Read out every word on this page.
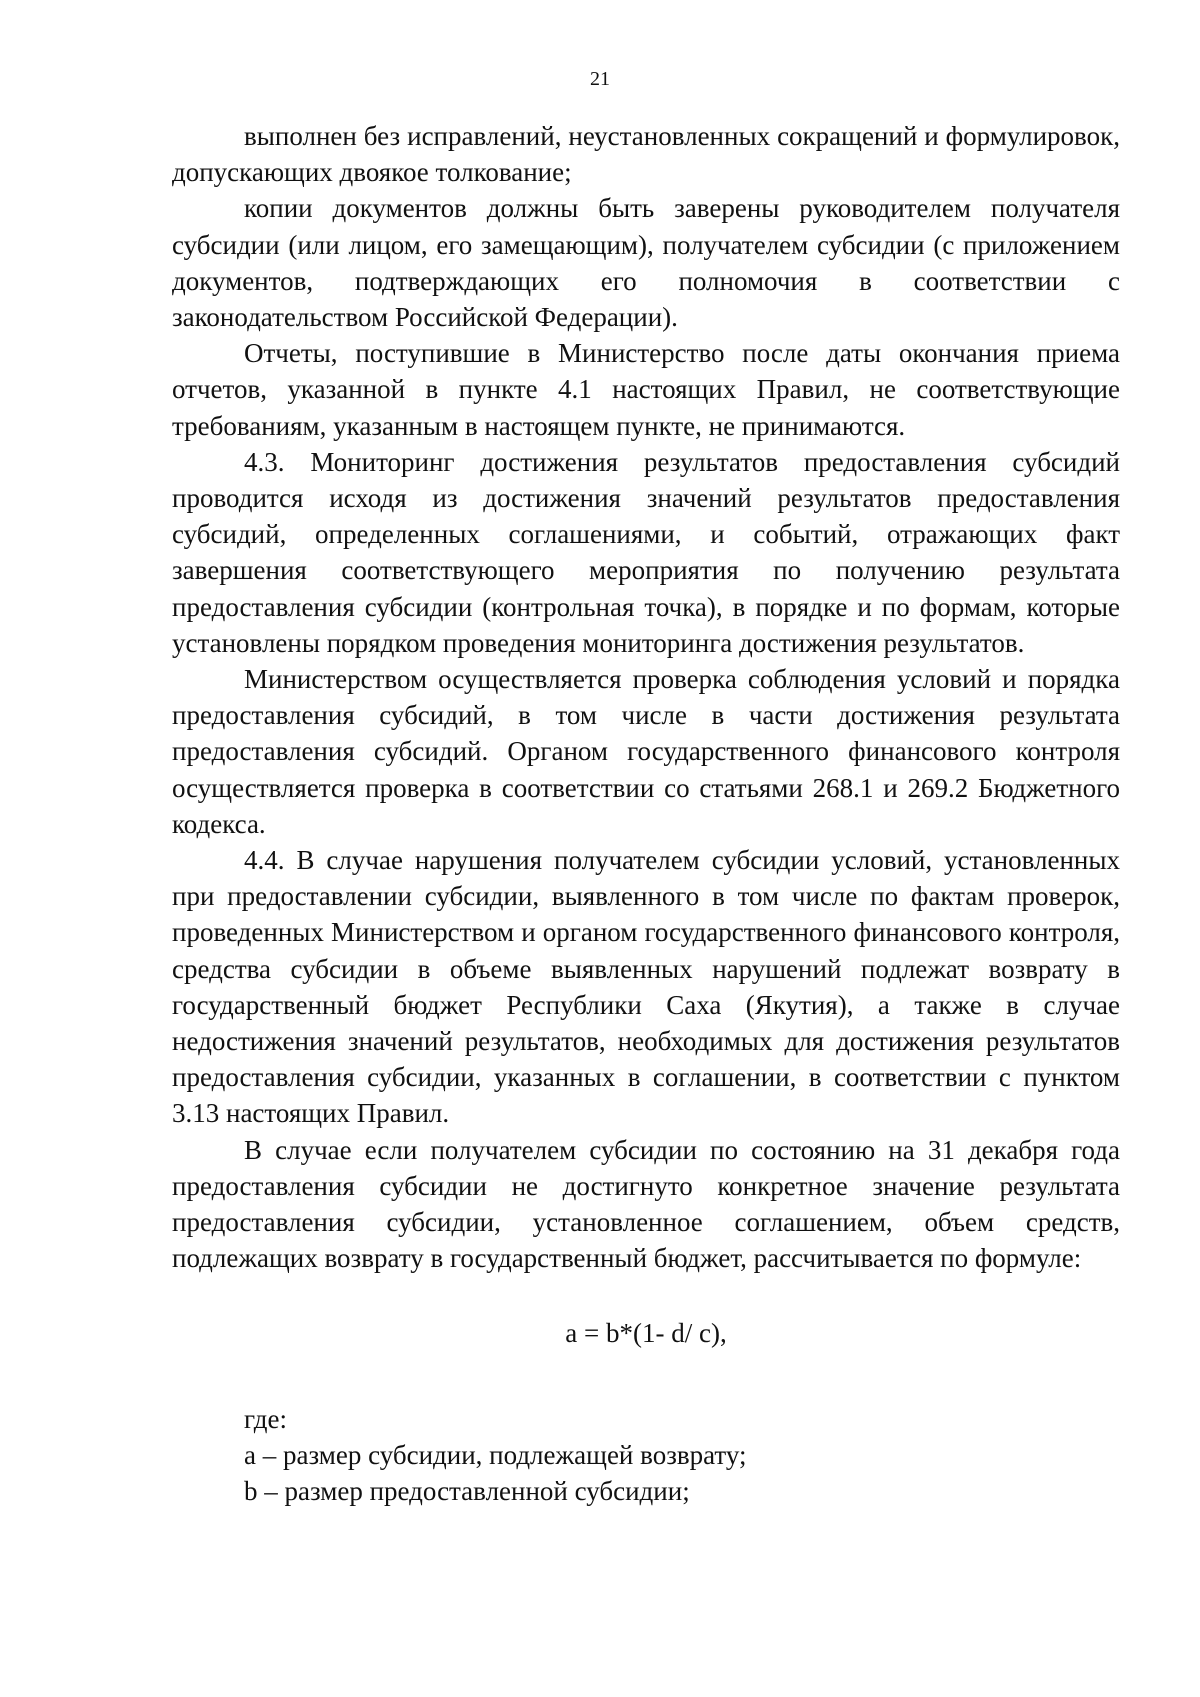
21

выполнен без исправлений, неустановленных сокращений и формулировок, допускающих двоякое толкование;

копии документов должны быть заверены руководителем получателя субсидии (или лицом, его замещающим), получателем субсидии (с приложением документов, подтверждающих его полномочия в соответствии с законодательством Российской Федерации).

Отчеты, поступившие в Министерство после даты окончания приема отчетов, указанной в пункте 4.1 настоящих Правил, не соответствующие требованиям, указанным в настоящем пункте, не принимаются.

4.3. Мониторинг достижения результатов предоставления субсидий проводится исходя из достижения значений результатов предоставления субсидий, определенных соглашениями, и событий, отражающих факт завершения соответствующего мероприятия по получению результата предоставления субсидии (контрольная точка), в порядке и по формам, которые установлены порядком проведения мониторинга достижения результатов.

Министерством осуществляется проверка соблюдения условий и порядка предоставления субсидий, в том числе в части достижения результата предоставления субсидий. Органом государственного финансового контроля осуществляется проверка в соответствии со статьями 268.1 и 269.2 Бюджетного кодекса.

4.4. В случае нарушения получателем субсидии условий, установленных при предоставлении субсидии, выявленного в том числе по фактам проверок, проведенных Министерством и органом государственного финансового контроля, средства субсидии в объеме выявленных нарушений подлежат возврату в государственный бюджет Республики Саха (Якутия), а также в случае недостижения значений результатов, необходимых для достижения результатов предоставления субсидии, указанных в соглашении, в соответствии с пунктом 3.13 настоящих Правил.

В случае если получателем субсидии по состоянию на 31 декабря года предоставления субсидии не достигнуто конкретное значение результата предоставления субсидии, установленное соглашением, объем средств, подлежащих возврату в государственный бюджет, рассчитывается по формуле:

a = b*(1- d/ c),

где:

a – размер субсидии, подлежащей возврату;

b – размер предоставленной субсидии;
